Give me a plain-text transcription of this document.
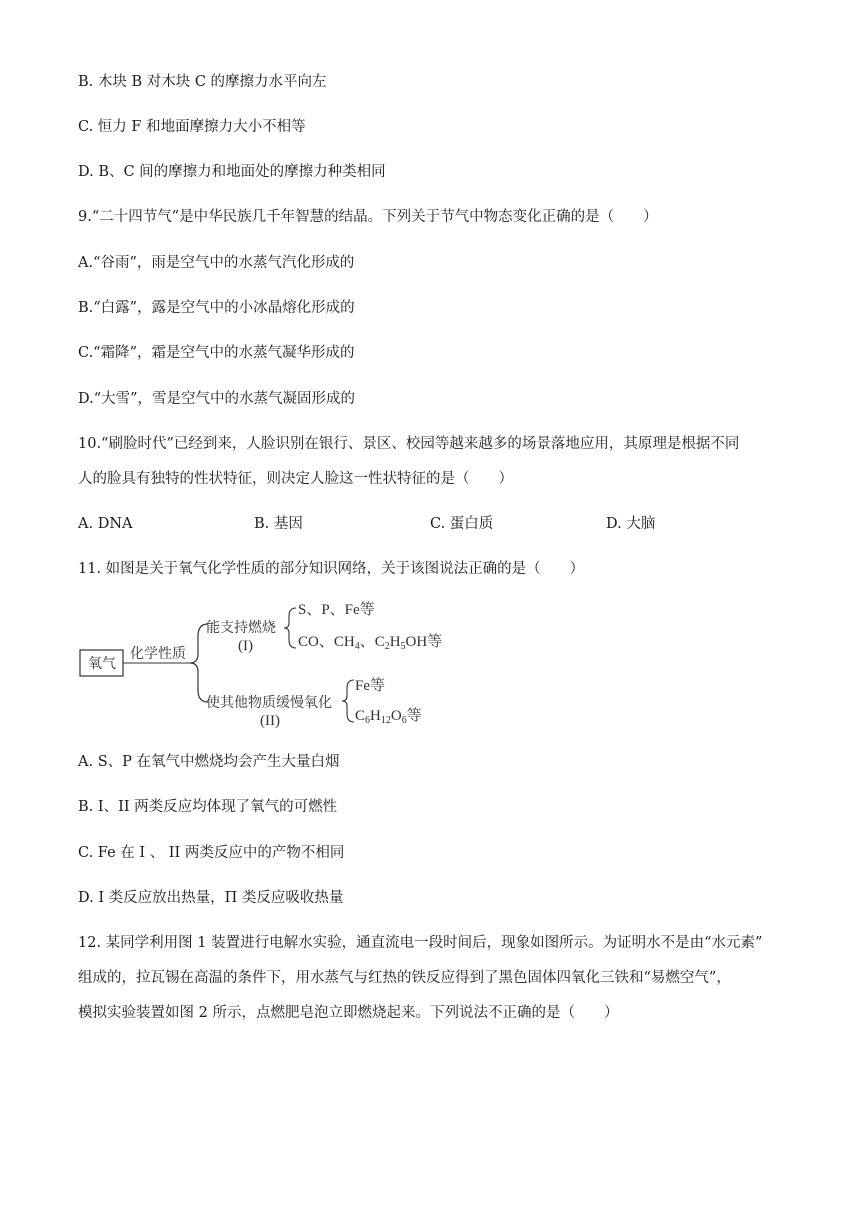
B. 木块 B 对木块 C 的摩擦力水平向左
C. 恒力 F 和地面摩擦力大小不相等
D. B、C 间的摩擦力和地面处的摩擦力种类相同
9.“二十四节气”是中华民族几千年智慧的结晶。下列关于节气中物态变化正确的是（　　）
A.“谷雨”，雨是空气中的水蒸气汽化形成的
B.“白露”，露是空气中的小冰晶熔化形成的
C.“霜降”，霜是空气中的水蒸气凝华形成的
D.“大雪”，雪是空气中的水蒸气凝固形成的
10.“刷脸时代”已经到来，人脸识别在银行、景区、校园等越来越多的场景落地应用，其原理是根据不同
人的脸具有独特的性状特征，则决定人脸这一性状特征的是（　　）
A. DNA	B. 基因	C. 蛋白质	D. 大脑
11. 如图是关于氧气化学性质的部分知识网络，关于该图说法正确的是（　　）
氧气
化学性质
能支持燃烧
(I)
S、P、Fe等
CO、$CH_4$、$C_2H_5OH$等
使其他物质缓慢氧化
(II)
Fe等
$C_6H_{12}O_6$等
A. S、P 在氧气中燃烧均会产生大量白烟
B. I、II 两类反应均体现了氧气的可燃性
C. Fe 在 I 、 II 两类反应中的产物不相同
D. I 类反应放出热量，Π 类反应吸收热量
12. 某同学利用图 1 装置进行电解水实验，通直流电一段时间后，现象如图所示。为证明水不是由“水元素”
组成的，拉瓦锡在高温的条件下，用水蒸气与红热的铁反应得到了黑色固体四氧化三铁和“易燃空气”，
模拟实验装置如图 2 所示，点燃肥皂泡立即燃烧起来。下列说法不正确的是（　　）
